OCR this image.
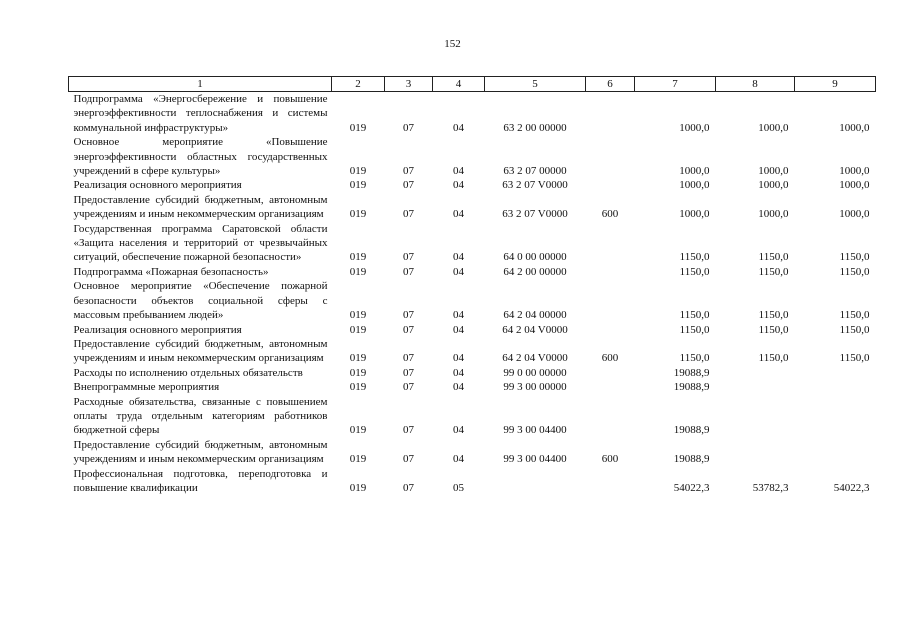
152
1	2	3	4	5	6	7	8	9
Подпрограмма «Энергосбережение и повышение энергоэффективности теплоснабжения и системы коммунальной инфраструктуры»	019	07	04	63 2 00 00000		1000,0	1000,0	1000,0
Основное мероприятие «Повышение энергоэффективности областных государственных учреждений в сфере культуры»	019	07	04	63 2 07 00000		1000,0	1000,0	1000,0
Реализация основного мероприятия	019	07	04	63 2 07 V0000		1000,0	1000,0	1000,0
Предоставление субсидий бюджетным, автономным учреждениям и иным некоммерческим организациям	019	07	04	63 2 07 V0000	600	1000,0	1000,0	1000,0
Государственная программа Саратовской области «Защита населения и территорий от чрезвычайных ситуаций, обеспечение пожарной безопасности»	019	07	04	64 0 00 00000		1150,0	1150,0	1150,0
Подпрограмма «Пожарная безопасность»	019	07	04	64 2 00 00000		1150,0	1150,0	1150,0
Основное мероприятие «Обеспечение пожарной безопасности объектов социальной сферы с массовым пребыванием людей»	019	07	04	64 2 04 00000		1150,0	1150,0	1150,0
Реализация основного мероприятия	019	07	04	64 2 04 V0000		1150,0	1150,0	1150,0
Предоставление субсидий бюджетным, автономным учреждениям и иным некоммерческим организациям	019	07	04	64 2 04 V0000	600	1150,0	1150,0	1150,0
Расходы по исполнению отдельных обязательств	019	07	04	99 0 00 00000		19088,9		
Внепрограммные мероприятия	019	07	04	99 3 00 00000		19088,9		
Расходные обязательства, связанные с повышением оплаты труда отдельным категориям работников бюджетной сферы	019	07	04	99 3 00 04400		19088,9		
Предоставление субсидий бюджетным, автономным учреждениям и иным некоммерческим организациям	019	07	04	99 3 00 04400	600	19088,9		
Профессиональная подготовка, переподготовка и повышение квалификации	019	07	05			54022,3	53782,3	54022,3
